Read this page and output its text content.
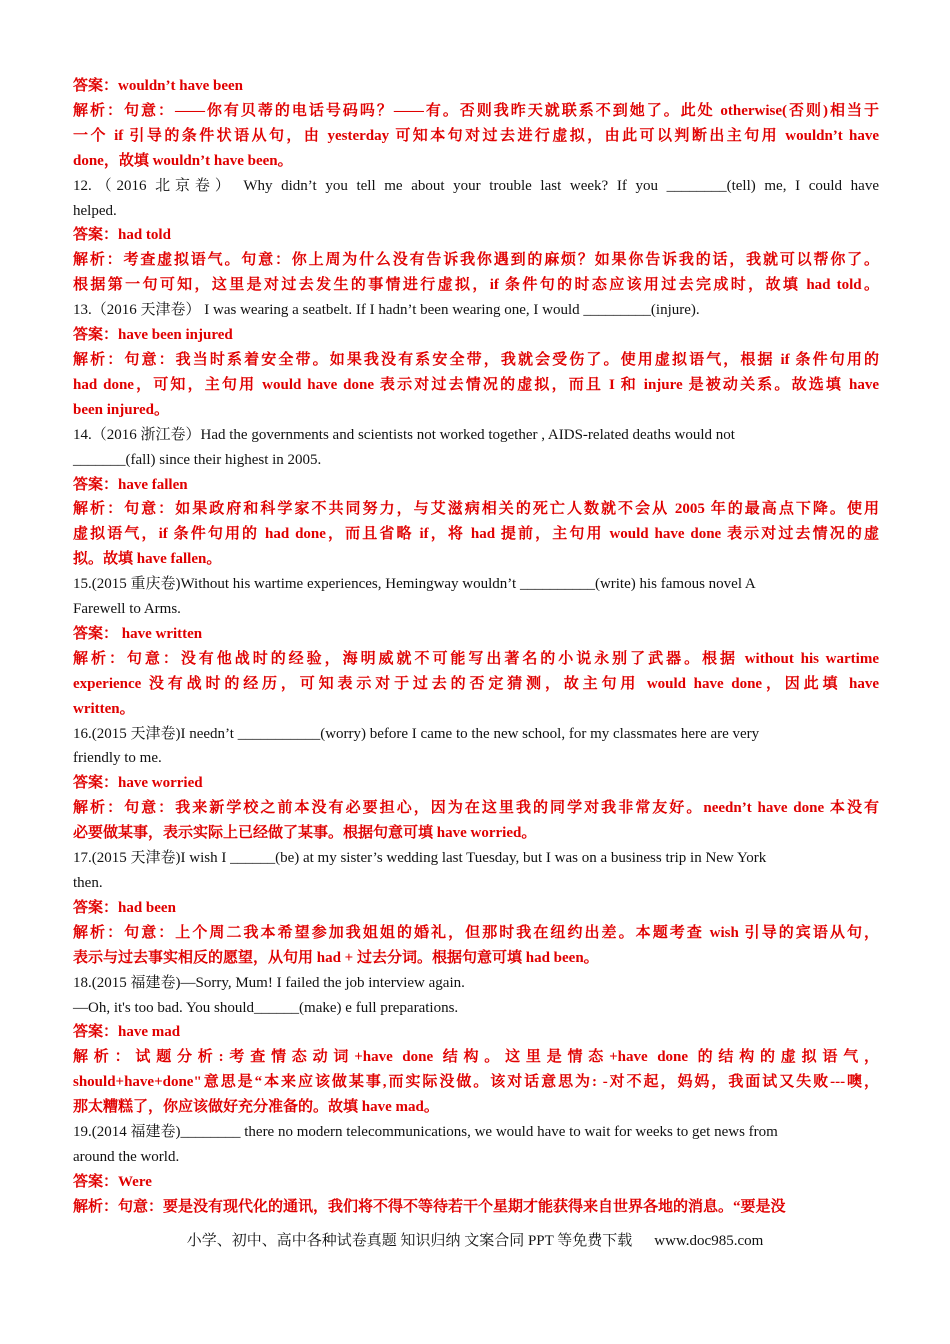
答案：wouldn’t have been

解析：句意：——你有贝蒂的电话号码吗？——有。否则我昨天就联系不到她了。此处 otherwise(否则)相当于

一个 if 引导的条件状语从句，由 yesterday 可知本句对过去进行虚拟，由此可以判断出主句用 wouldn’t have

done，故填 wouldn’t have been。

12.（2016 北京卷） Why didn’t you tell me about your trouble last week? If you ________(tell) me, I could have

helped.

答案：had told

解析：考查虚拟语气。句意：你上周为什么没有告诉我你遇到的麻烦？如果你告诉我的话，我就可以帮你了。

根据第一句可知，这里是对过去发生的事情进行虚拟，if 条件句的时态应该用过去完成时，故填 had told。

13.（2016 天津卷） I was wearing a seatbelt. If I hadn’t been wearing one, I would _________(injure).

答案：have been injured

解析：句意：我当时系着安全带。如果我没有系安全带，我就会受伤了。使用虚拟语气，根据 if 条件句用的

had done，可知，主句用 would have done 表示对过去情况的虚拟，而且 I 和 injure 是被动关系。故选填 have

been injured。

14.（2016 浙江卷）Had the governments and scientists not worked together , AIDS-related deaths would not

_______(fall) since their highest in 2005.

答案：have fallen

解析：句意：如果政府和科学家不共同努力，与艾滋病相关的死亡人数就不会从 2005 年的最高点下降。使用

虚拟语气，if 条件句用的 had done，而且省略 if，将 had 提前，主句用 would have done 表示对过去情况的虚

拟。故填 have fallen。

15.(2015 重庆卷)Without his wartime experiences, Hemingway wouldn’t __________(write) his famous novel A

Farewell to Arms.

答案： have written

解析：句意：没有他战时的经验，海明威就不可能写出著名的小说永别了武器。根据 without his wartime

experience 没有战时的经历，可知表示对于过去的否定猜测，故主句用 would have done，因此填 have

written。

16.(2015 天津卷)I needn’t ___________(worry) before I came to the new school, for my classmates here are very

friendly to me.

答案：have worried

解析：句意：我来新学校之前本没有必要担心，因为在这里我的同学对我非常友好。needn’t have done 本没有

必要做某事，表示实际上已经做了某事。根据句意可填 have worried。

17.(2015 天津卷)I wish I ______(be) at my sister’s wedding last Tuesday, but I was on a business trip in New York

then.

答案：had been

解析：句意：上个周二我本希望参加我姐姐的婚礼，但那时我在纽约出差。本题考查 wish 引导的宾语从句，

表示与过去事实相反的愿望，从句用 had + 过去分词。根据句意可填 had been。

18.(2015 福建卷)—Sorry, Mum! I failed the job interview again.

—Oh, it's too bad. You should______(make) e full preparations.

答案：have mad

解析：试题分析:考查情态动词+have done 结构。这里是情态+have done 的结构的虚拟语气，

should+have+done"意思是“本来应该做某事,而实际没做。该对话意思为: -对不起，妈妈，我面试又失败---噢，

那太糟糕了，你应该做好充分准备的。故填 have mad。

19.(2014 福建卷)________ there no modern telecommunications, we would have to wait for weeks to get news from

around the world.

答案：Were

解析：句意：要是没有现代化的通讯，我们将不得不等待若干个星期才能获得来自世界各地的消息。“要是没

小学、初中、高中各种试卷真题 知识归纳 文案合同 PPT 等免费下载 www.doc985.com
